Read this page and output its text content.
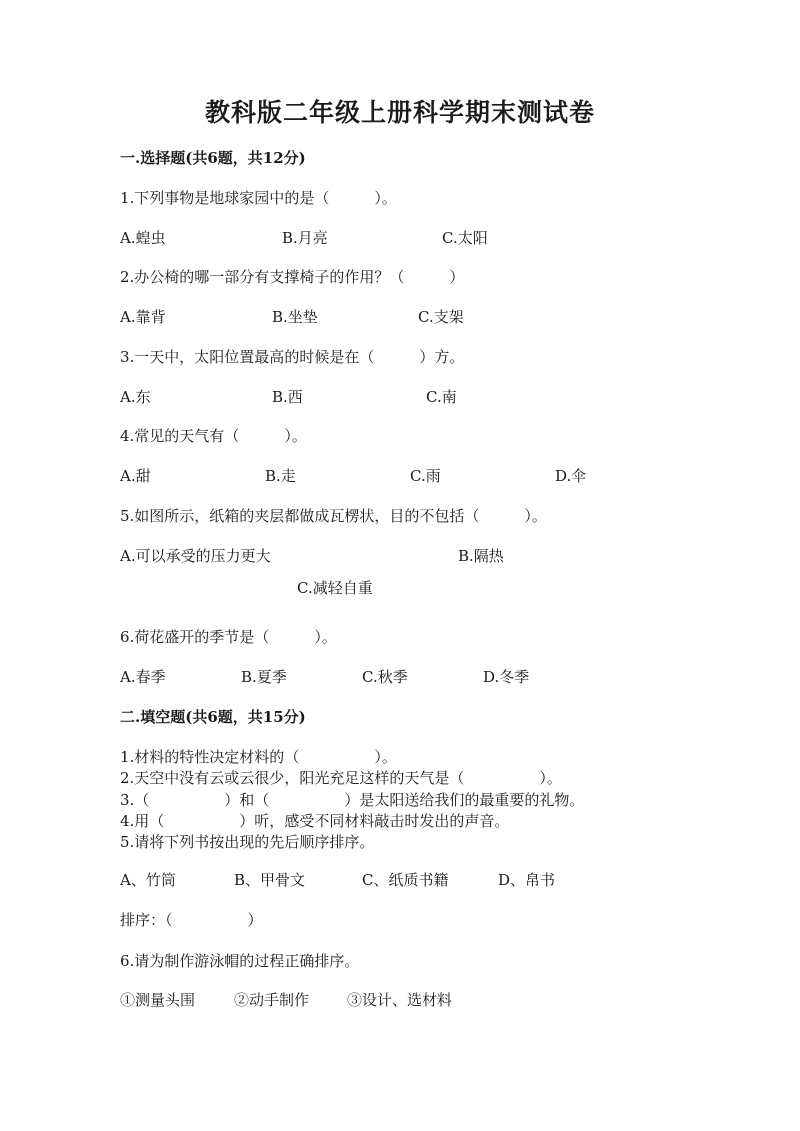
教科版二年级上册科学期末测试卷
一.选择题(共6题，共12分)
1.下列事物是地球家园中的是（　　　）。
A.蝗虫	B.月亮	C.太阳
2.办公椅的哪一部分有支撑椅子的作用？（　　　）
A.靠背	B.坐垫	C.支架
3.一天中，太阳位置最高的时候是在（　　　）方。
A.东	B.西	C.南
4.常见的天气有（　　　）。
A.甜	B.走	C.雨	D.伞
5.如图所示，纸箱的夹层都做成瓦楞状，目的不包括（　　　）。
A.可以承受的压力更大	B.隔热
C.减轻自重
6.荷花盛开的季节是（　　　）。
A.春季	B.夏季	C.秋季	D.冬季
二.填空题(共6题，共15分)
1.材料的特性决定材料的（　　　　　）。
2.天空中没有云或云很少，阳光充足这样的天气是（　　　　　）。
3.（　　　　　）和（　　　　　）是太阳送给我们的最重要的礼物。
4.用（　　　　　）听，感受不同材料敲击时发出的声音。
5.请将下列书按出现的先后顺序排序。
A、竹筒	B、甲骨文	C、纸质书籍	D、帛书
排序：（　　　　　）
6.请为制作游泳帽的过程正确排序。
①测量头围	②动手制作	③设计、选材料
